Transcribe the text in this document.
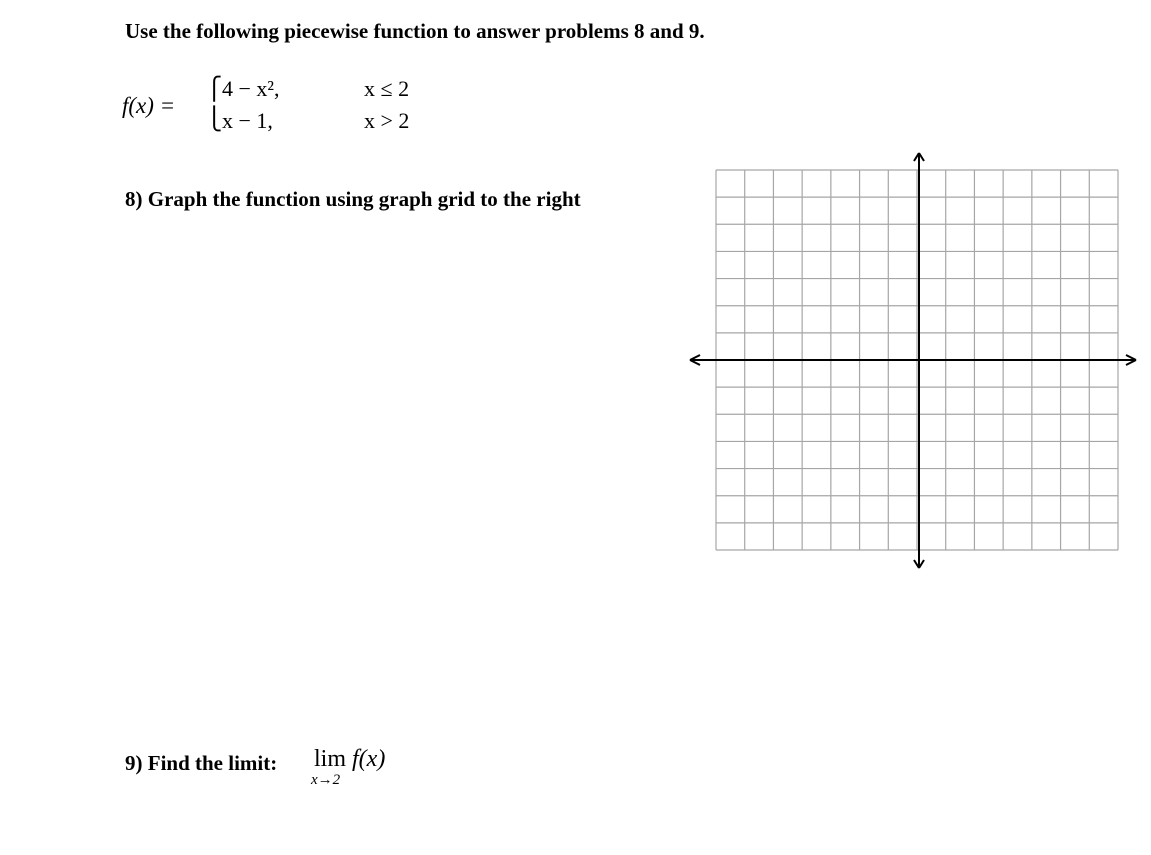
Use the following piecewise function to answer problems 8 and 9.
f(x) =
⎧
⎩
4 − x²,
x − 1,
x ≤ 2
x > 2
8) Graph the function using graph grid to the right
9) Find the limit: lim f(x)
x→2
